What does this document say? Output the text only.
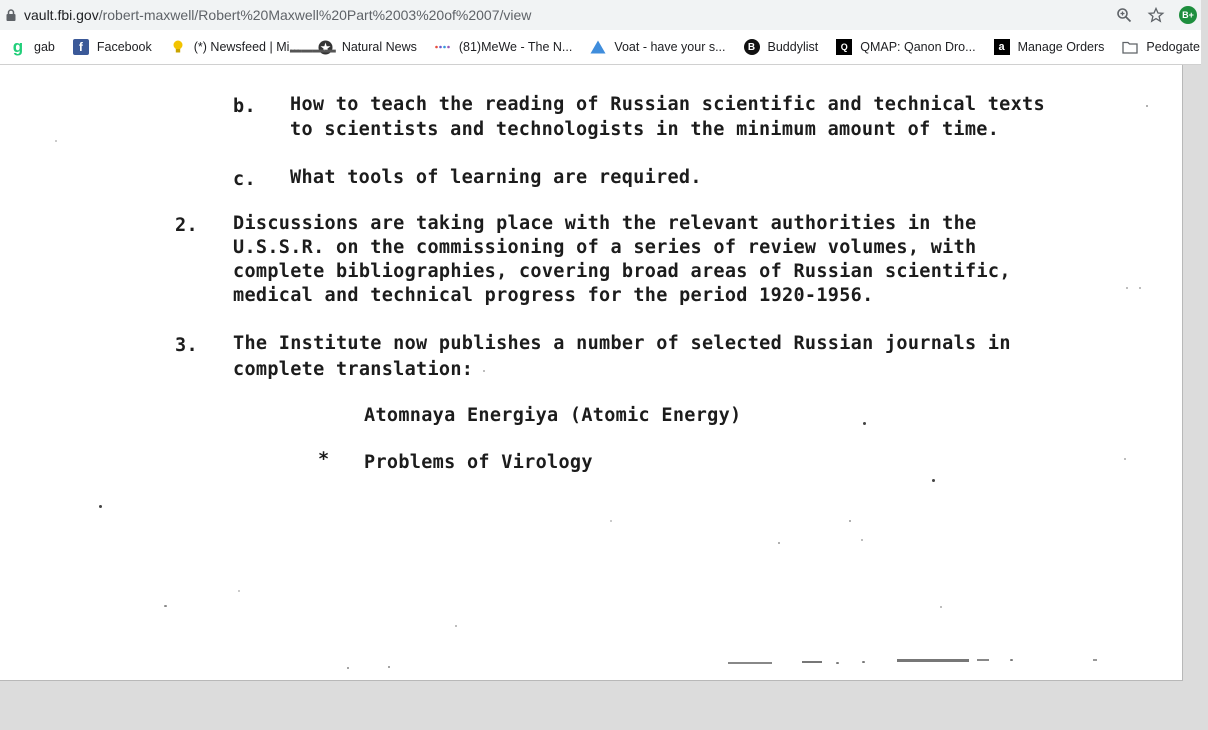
vault.fbi.gov/robert-maxwell/Robert%20Maxwell%20Part%2003%20of%2007/view	B+
g gab	f	Facebook	(*) Newsfeed | Mi...	Natural News	(81)MeWe - The N...	Voat - have your s...	B Buddylist	Q	QMAP: Qanon Dro...	a	Manage Orders	Pedogate
▔▔▔▔
b. How to teach the reading of Russian scientific and technical texts
to scientists and technologists in the minimum amount of time.
c. What tools of learning are required.
2. Discussions are taking place with the relevant authorities in the
U.S.S.R. on the commissioning of a series of review volumes, with
complete bibliographies, covering broad areas of Russian scientific,
medical and technical progress for the period 1920-1956.
3. The Institute now publishes a number of selected Russian journals in
complete translation:
Atomnaya Energiya (Atomic Energy)
* Problems of Virology
